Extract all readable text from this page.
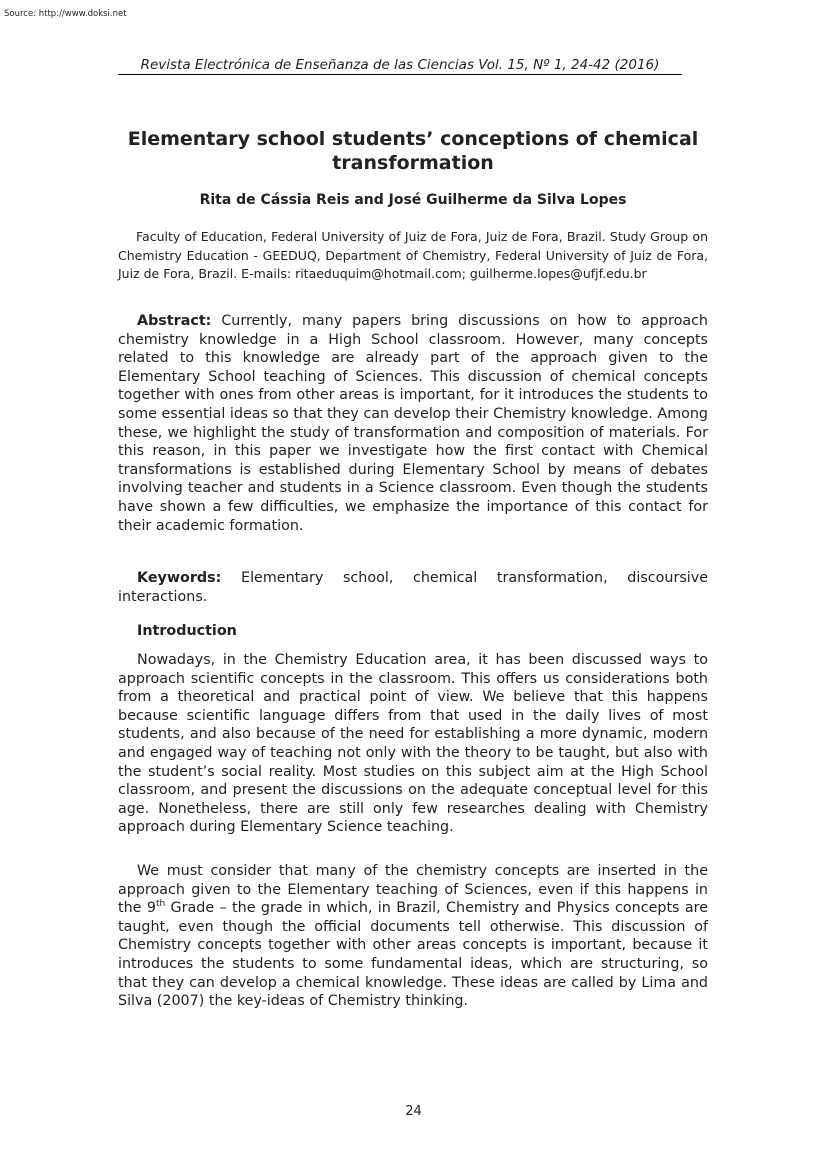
Source: http://www.doksi.net
Revista Electrónica de Enseñanza de las Ciencias Vol. 15, Nº 1, 24-42 (2016)
Elementary school students’ conceptions of chemical transformation
Rita de Cássia Reis and José Guilherme da Silva Lopes
Faculty of Education, Federal University of Juiz de Fora, Juiz de Fora, Brazil. Study Group on Chemistry Education - GEEDUQ, Department of Chemistry, Federal University of Juiz de Fora, Juiz de Fora, Brazil. E-mails: ritaeduquim@hotmail.com; guilherme.lopes@ufjf.edu.br
Abstract: Currently, many papers bring discussions on how to approach chemistry knowledge in a High School classroom. However, many concepts related to this knowledge are already part of the approach given to the Elementary School teaching of Sciences. This discussion of chemical concepts together with ones from other areas is important, for it introduces the students to some essential ideas so that they can develop their Chemistry knowledge. Among these, we highlight the study of transformation and composition of materials. For this reason, in this paper we investigate how the first contact with Chemical transformations is established during Elementary School by means of debates involving teacher and students in a Science classroom. Even though the students have shown a few difficulties, we emphasize the importance of this contact for their academic formation.
Keywords: Elementary school, chemical transformation, discoursive interactions.
Introduction
Nowadays, in the Chemistry Education area, it has been discussed ways to approach scientific concepts in the classroom. This offers us considerations both from a theoretical and practical point of view. We believe that this happens because scientific language differs from that used in the daily lives of most students, and also because of the need for establishing a more dynamic, modern and engaged way of teaching not only with the theory to be taught, but also with the student’s social reality. Most studies on this subject aim at the High School classroom, and present the discussions on the adequate conceptual level for this age. Nonetheless, there are still only few researches dealing with Chemistry approach during Elementary Science teaching.
We must consider that many of the chemistry concepts are inserted in the approach given to the Elementary teaching of Sciences, even if this happens in the 9th Grade – the grade in which, in Brazil, Chemistry and Physics concepts are taught, even though the official documents tell otherwise. This discussion of Chemistry concepts together with other areas concepts is important, because it introduces the students to some fundamental ideas, which are structuring, so that they can develop a chemical knowledge. These ideas are called by Lima and Silva (2007) the key-ideas of Chemistry thinking.
24
